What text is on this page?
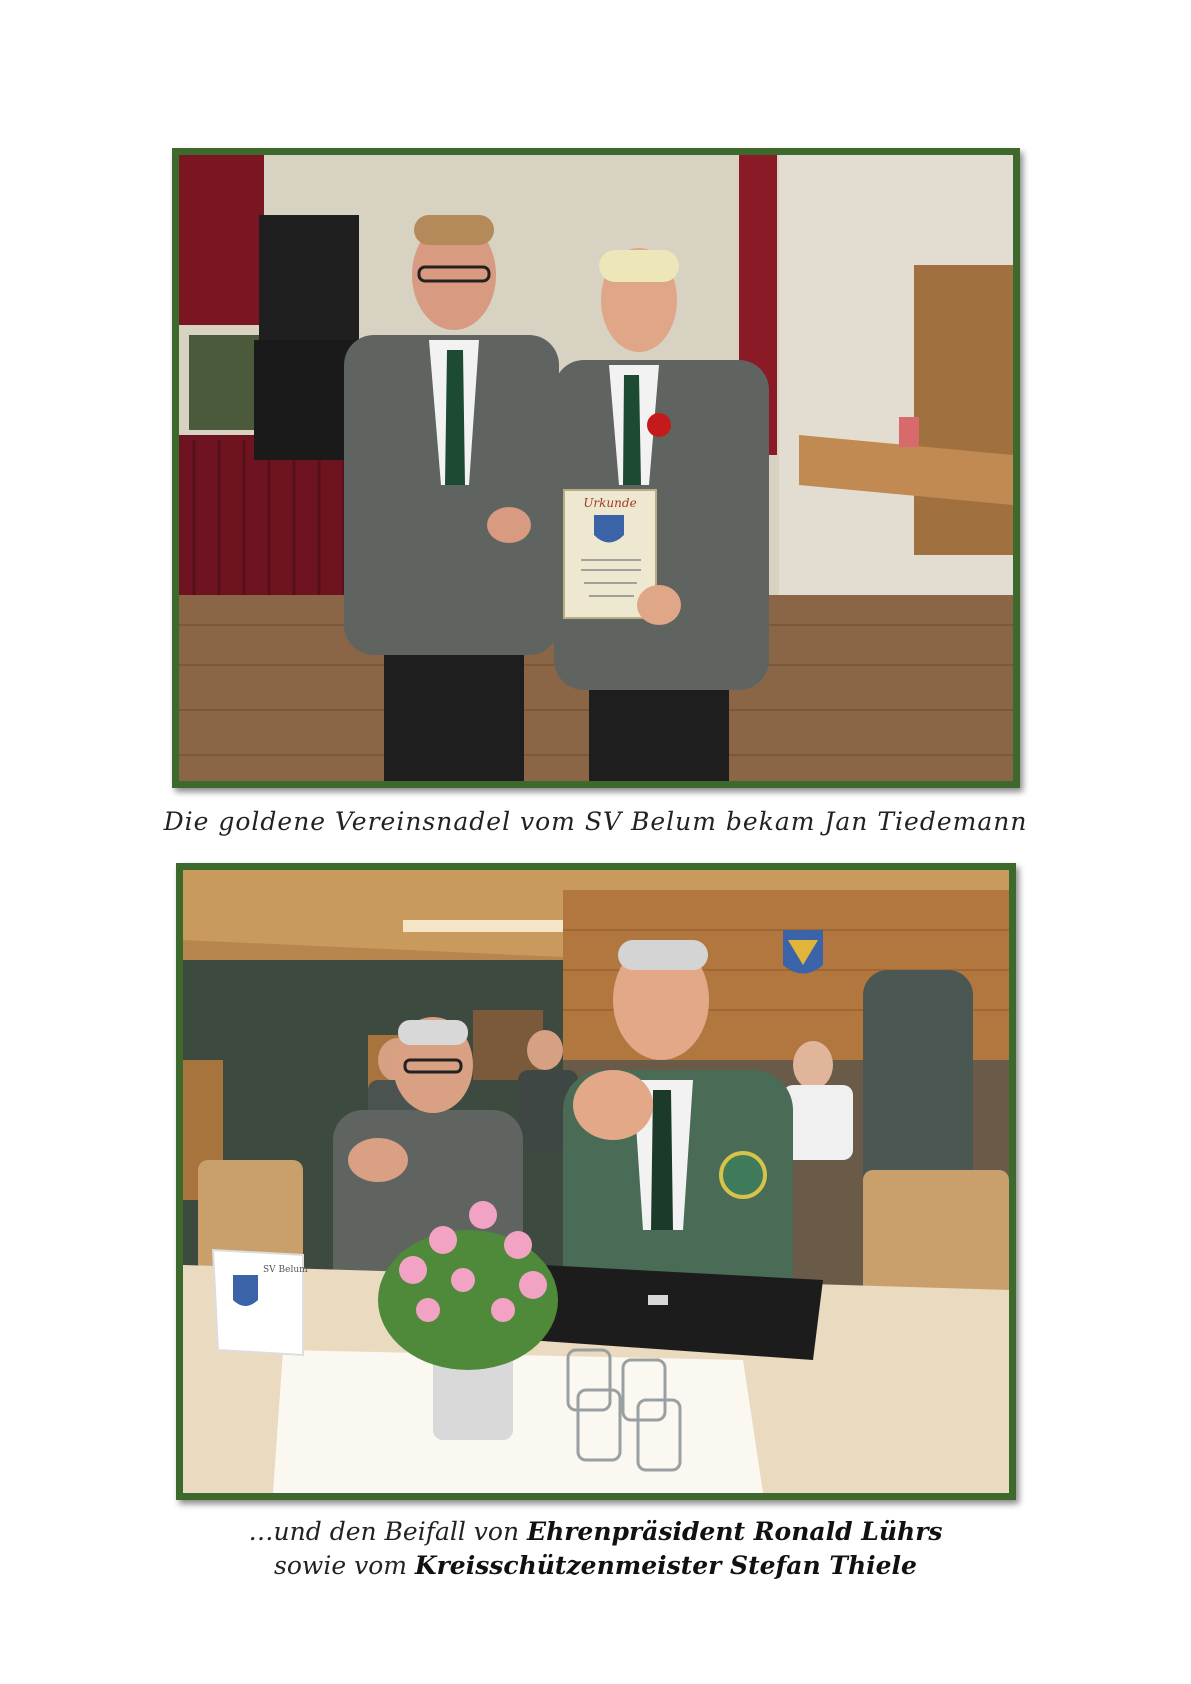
Urkunde
Die goldene Vereinsnadel vom SV Belum bekam Jan Tiedemann
SV Belum
…und den Beifall von Ehrenpräsident Ronald Lührs
sowie vom Kreisschützenmeister Stefan Thiele
